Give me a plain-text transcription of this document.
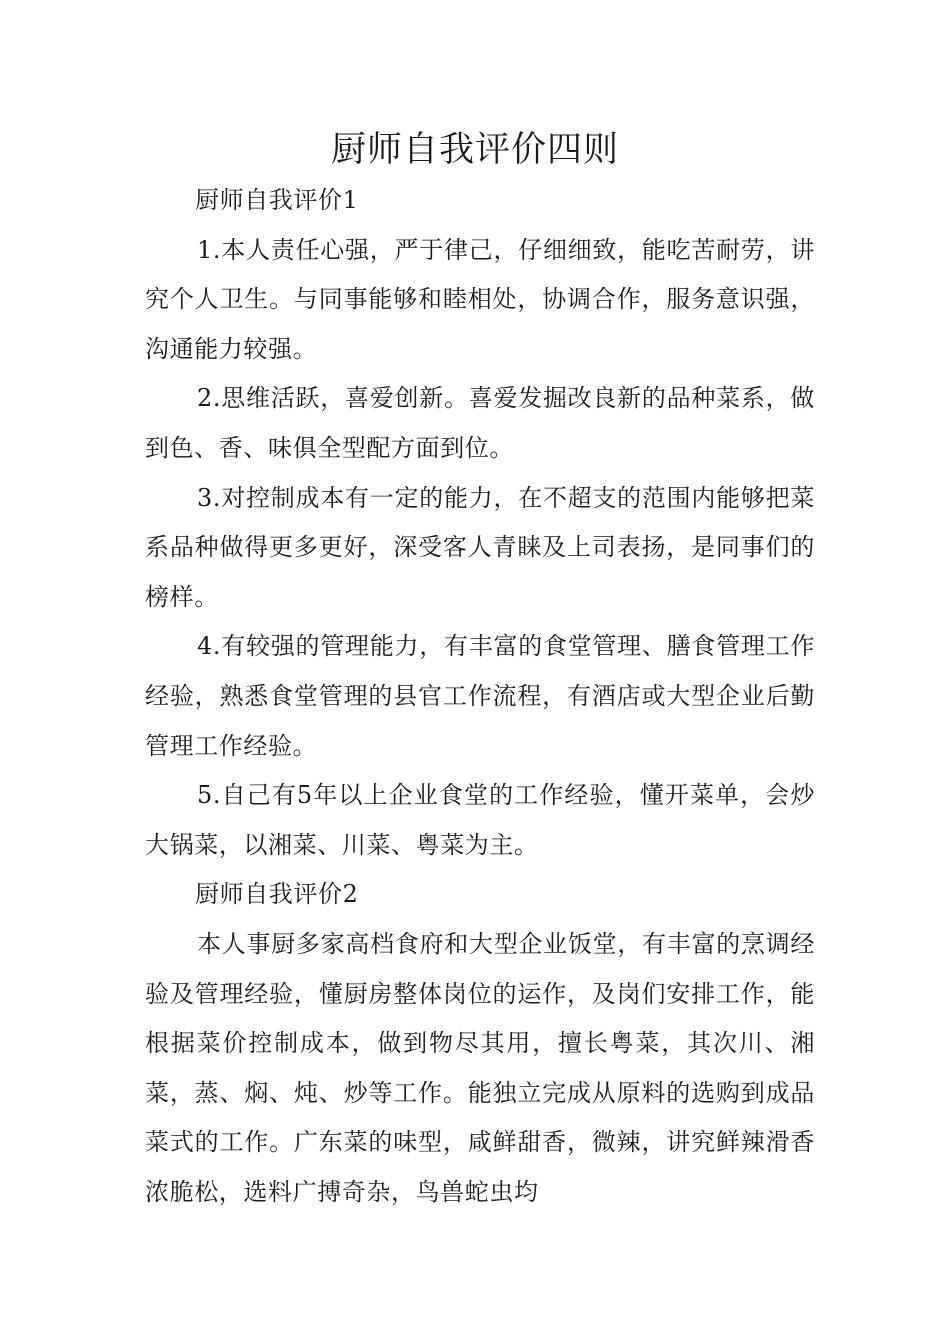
厨师自我评价四则

厨师自我评价1

1.本人责任心强，严于律己，仔细细致，能吃苦耐劳，讲究个人卫生。与同事能够和睦相处，协调合作，服务意识强，沟通能力较强。

2.思维活跃，喜爱创新。喜爱发掘改良新的品种菜系，做到色、香、味俱全型配方面到位。

3.对控制成本有一定的能力，在不超支的范围内能够把菜系品种做得更多更好，深受客人青睐及上司表扬，是同事们的榜样。

4.有较强的管理能力，有丰富的食堂管理、膳食管理工作经验，熟悉食堂管理的县官工作流程，有酒店或大型企业后勤管理工作经验。

5.自己有5年以上企业食堂的工作经验，懂开菜单，会炒大锅菜，以湘菜、川菜、粤菜为主。

厨师自我评价2

本人事厨多家高档食府和大型企业饭堂，有丰富的烹调经验及管理经验，懂厨房整体岗位的运作，及岗们安排工作，能根据菜价控制成本，做到物尽其用，擅长粤菜，其次川、湘菜，蒸、焖、炖、炒等工作。能独立完成从原料的选购到成品菜式的工作。广东菜的味型，咸鲜甜香，微辣，讲究鲜辣滑香浓脆松，选料广搏奇杂，鸟兽蛇虫均
